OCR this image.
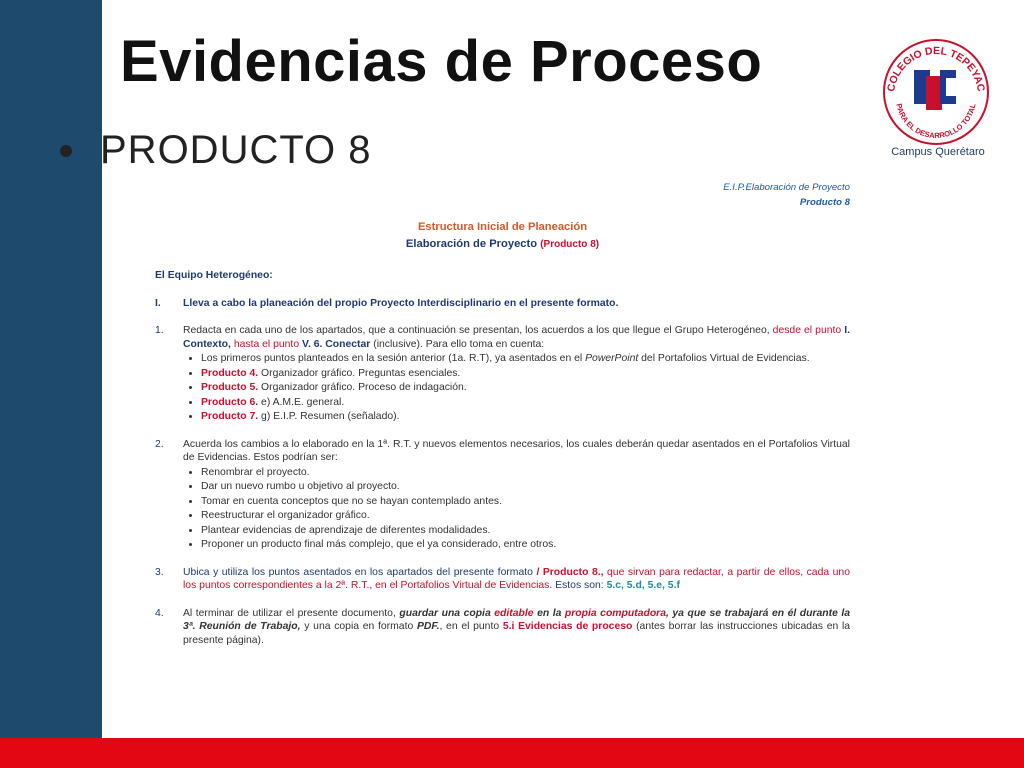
Evidencias de Proceso
PRODUCTO 8
COLEGIO DEL TEPEYAC
PARA EL DESARROLLO TOTAL
Campus Querétaro
E.I.P.Elaboración de Proyecto
Producto 8
Estructura Inicial de Planeación
Elaboración de Proyecto (Producto 8)
El Equipo Heterogéneo:
I.	Lleva a cabo la planeación del propio Proyecto Interdisciplinario en el presente formato.
1.	Redacta en cada uno de los apartados, que a continuación se presentan, los acuerdos a los que llegue el Grupo Heterogéneo, desde el punto I. Contexto, hasta el punto V. 6. Conectar (inclusive). Para ello toma en cuenta:
• Los primeros puntos planteados en la sesión anterior (1a. R.T), ya asentados en el PowerPoint del Portafolios Virtual de Evidencias.
• Producto 4. Organizador gráfico. Preguntas esenciales.
• Producto 5. Organizador gráfico. Proceso de indagación.
• Producto 6. e) A.M.E. general.
• Producto 7. g) E.I.P. Resumen (señalado).
2.	Acuerda los cambios a lo elaborado en la 1ª. R.T. y nuevos elementos necesarios, los cuales deberán quedar asentados en el Portafolios Virtual de Evidencias. Estos podrían ser:
• Renombrar el proyecto.
• Dar un nuevo rumbo u objetivo al proyecto.
• Tomar en cuenta conceptos que no se hayan contemplado antes.
• Reestructurar el organizador gráfico.
• Plantear evidencias de aprendizaje de diferentes modalidades.
• Proponer un producto final más complejo, que el ya considerado, entre otros.
3.	Ubica y utiliza los puntos asentados en los apartados del presente formato / Producto 8., que sirvan para redactar, a partir de ellos, cada uno los puntos correspondientes a la 2ª. R.T., en el Portafolios Virtual de Evidencias. Estos son: 5.c, 5.d, 5.e, 5.f
4.	Al terminar de utilizar el presente documento, guardar una copia editable en la propia computadora, ya que se trabajará en él durante la 3ª. Reunión de Trabajo, y una copia en formato PDF., en el punto 5.i Evidencias de proceso (antes borrar las instrucciones ubicadas en la presente página).
